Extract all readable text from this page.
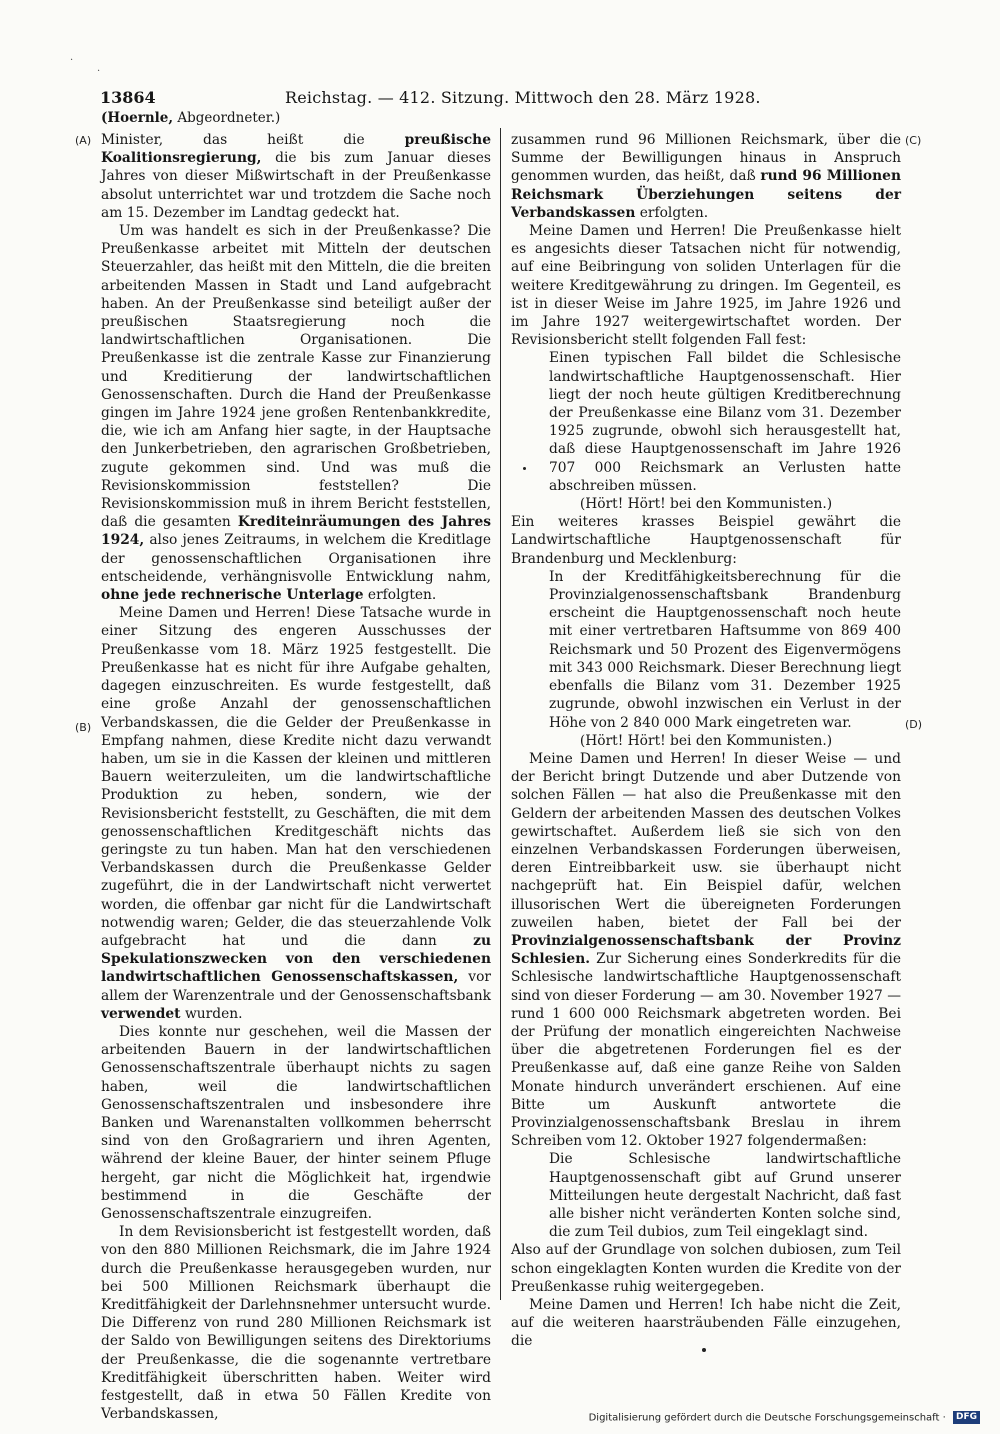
·
·
13864	Reichstag. — 412. Sitzung. Mittwoch den 28. März 1928.
(Hoernle, Abgeordneter.)
(A)
(B)
(C)
(D)

Minister, das heißt die preußische Koalitionsregierung, die bis zum Januar dieses Jahres von dieser Mißwirtschaft in der Preußenkasse absolut unterrichtet war und trotzdem die Sache noch am 15. Dezember im Landtag gedeckt hat.

Um was handelt es sich in der Preußenkasse? Die Preußenkasse arbeitet mit Mitteln der deutschen Steuerzahler, das heißt mit den Mitteln, die die breiten arbeitenden Massen in Stadt und Land aufgebracht haben. An der Preußenkasse sind beteiligt außer der preußischen Staatsregierung noch die landwirtschaftlichen Organisationen. Die Preußenkasse ist die zentrale Kasse zur Finanzierung und Kreditierung der landwirtschaftlichen Genossenschaften. Durch die Hand der Preußenkasse gingen im Jahre 1924 jene großen Rentenbankkredite, die, wie ich am Anfang hier sagte, in der Hauptsache den Junkerbetrieben, den agrarischen Großbetrieben, zugute gekommen sind. Und was muß die Revisionskommission feststellen? Die Revisionskommission muß in ihrem Bericht feststellen, daß die gesamten Krediteinräumungen des Jahres 1924, also jenes Zeitraums, in welchem die Kreditlage der genossenschaftlichen Organisationen ihre entscheidende, verhängnisvolle Entwicklung nahm, ohne jede rechnerische Unterlage erfolgten.

Meine Damen und Herren! Diese Tatsache wurde in einer Sitzung des engeren Ausschusses der Preußenkasse vom 18. März 1925 festgestellt. Die Preußenkasse hat es nicht für ihre Aufgabe gehalten, dagegen einzuschreiten. Es wurde festgestellt, daß eine große Anzahl der genossenschaftlichen Verbandskassen, die die Gelder der Preußenkasse in Empfang nahmen, diese Kredite nicht dazu verwandt haben, um sie in die Kassen der kleinen und mittleren Bauern weiterzuleiten, um die landwirtschaftliche Produktion zu heben, sondern, wie der Revisionsbericht feststellt, zu Geschäften, die mit dem genossenschaftlichen Kreditgeschäft nichts das geringste zu tun haben. Man hat den verschiedenen Verbandskassen durch die Preußenkasse Gelder zugeführt, die in der Landwirtschaft nicht verwertet worden, die offenbar gar nicht für die Landwirtschaft notwendig waren; Gelder, die das steuerzahlende Volk aufgebracht hat und die dann zu Spekulationszwecken von den verschiedenen landwirtschaftlichen Genossenschaftskassen, vor allem der Warenzentrale und der Genossenschaftsbank verwendet wurden.

Dies konnte nur geschehen, weil die Massen der arbeitenden Bauern in der landwirtschaftlichen Genossenschaftszentrale überhaupt nichts zu sagen haben, weil die landwirtschaftlichen Genossenschaftszentralen und insbesondere ihre Banken und Warenanstalten vollkommen beherrscht sind von den Großagrariern und ihren Agenten, während der kleine Bauer, der hinter seinem Pfluge hergeht, gar nicht die Möglichkeit hat, irgendwie bestimmend in die Geschäfte der Genossenschaftszentrale einzugreifen.

In dem Revisionsbericht ist festgestellt worden, daß von den 880 Millionen Reichsmark, die im Jahre 1924 durch die Preußenkasse herausgegeben wurden, nur bei 500 Millionen Reichsmark überhaupt die Kreditfähigkeit der Darlehnsnehmer untersucht wurde. Die Differenz von rund 280 Millionen Reichsmark ist der Saldo von Bewilligungen seitens des Direktoriums der Preußenkasse, die die sogenannte vertretbare Kreditfähigkeit überschritten haben. Weiter wird festgestellt, daß in etwa 50 Fällen Kredite von Verbandskassen,

zusammen rund 96 Millionen Reichsmark, über die Summe der Bewilligungen hinaus in Anspruch genommen wurden, das heißt, daß rund 96 Millionen Reichsmark Überziehungen seitens der Verbandskassen erfolgten.

Meine Damen und Herren! Die Preußenkasse hielt es angesichts dieser Tatsachen nicht für notwendig, auf eine Beibringung von soliden Unterlagen für die weitere Kreditgewährung zu dringen. Im Gegenteil, es ist in dieser Weise im Jahre 1925, im Jahre 1926 und im Jahre 1927 weitergewirtschaftet worden. Der Revisionsbericht stellt folgenden Fall fest:

Einen typischen Fall bildet die Schlesische landwirtschaftliche Hauptgenossenschaft. Hier liegt der noch heute gültigen Kreditberechnung der Preußenkasse eine Bilanz vom 31. Dezember 1925 zugrunde, obwohl sich herausgestellt hat, daß diese Hauptgenossenschaft im Jahre 1926 707 000 Reichsmark an Verlusten hatte abschreiben müssen.

(Hört! Hört! bei den Kommunisten.)

Ein weiteres krasses Beispiel gewährt die Landwirtschaftliche Hauptgenossenschaft für Brandenburg und Mecklenburg:

In der Kreditfähigkeitsberechnung für die Provinzialgenossenschaftsbank Brandenburg erscheint die Hauptgenossenschaft noch heute mit einer vertretbaren Haftsumme von 869 400 Reichsmark und 50 Prozent des Eigenvermögens mit 343 000 Reichsmark. Dieser Berechnung liegt ebenfalls die Bilanz vom 31. Dezember 1925 zugrunde, obwohl inzwischen ein Verlust in der Höhe von 2 840 000 Mark eingetreten war.

(Hört! Hört! bei den Kommunisten.)

Meine Damen und Herren! In dieser Weise — und der Bericht bringt Dutzende und aber Dutzende von solchen Fällen — hat also die Preußenkasse mit den Geldern der arbeitenden Massen des deutschen Volkes gewirtschaftet. Außerdem ließ sie sich von den einzelnen Verbandskassen Forderungen überweisen, deren Eintreibbarkeit usw. sie überhaupt nicht nachgeprüft hat. Ein Beispiel dafür, welchen illusorischen Wert die übereigneten Forderungen zuweilen haben, bietet der Fall bei der Provinzialgenossenschaftsbank der Provinz Schlesien. Zur Sicherung eines Sonderkredits für die Schlesische landwirtschaftliche Hauptgenossenschaft sind von dieser Forderung — am 30. November 1927 — rund 1 600 000 Reichsmark abgetreten worden. Bei der Prüfung der monatlich eingereichten Nachweise über die abgetretenen Forderungen fiel es der Preußenkasse auf, daß eine ganze Reihe von Salden Monate hindurch unverändert erschienen. Auf eine Bitte um Auskunft antwortete die Provinzialgenossenschaftsbank Breslau in ihrem Schreiben vom 12. Oktober 1927 folgendermaßen:

Die Schlesische landwirtschaftliche Hauptgenossenschaft gibt auf Grund unserer Mitteilungen heute dergestalt Nachricht, daß fast alle bisher nicht veränderten Konten solche sind, die zum Teil dubios, zum Teil eingeklagt sind.

Also auf der Grundlage von solchen dubiosen, zum Teil schon eingeklagten Konten wurden die Kredite von der Preußenkasse ruhig weitergegeben.

Meine Damen und Herren! Ich habe nicht die Zeit, auf die weiteren haarsträubenden Fälle einzugehen, die

Digitalisierung gefördert durch die Deutsche Forschungsgemeinschaft · DFG
